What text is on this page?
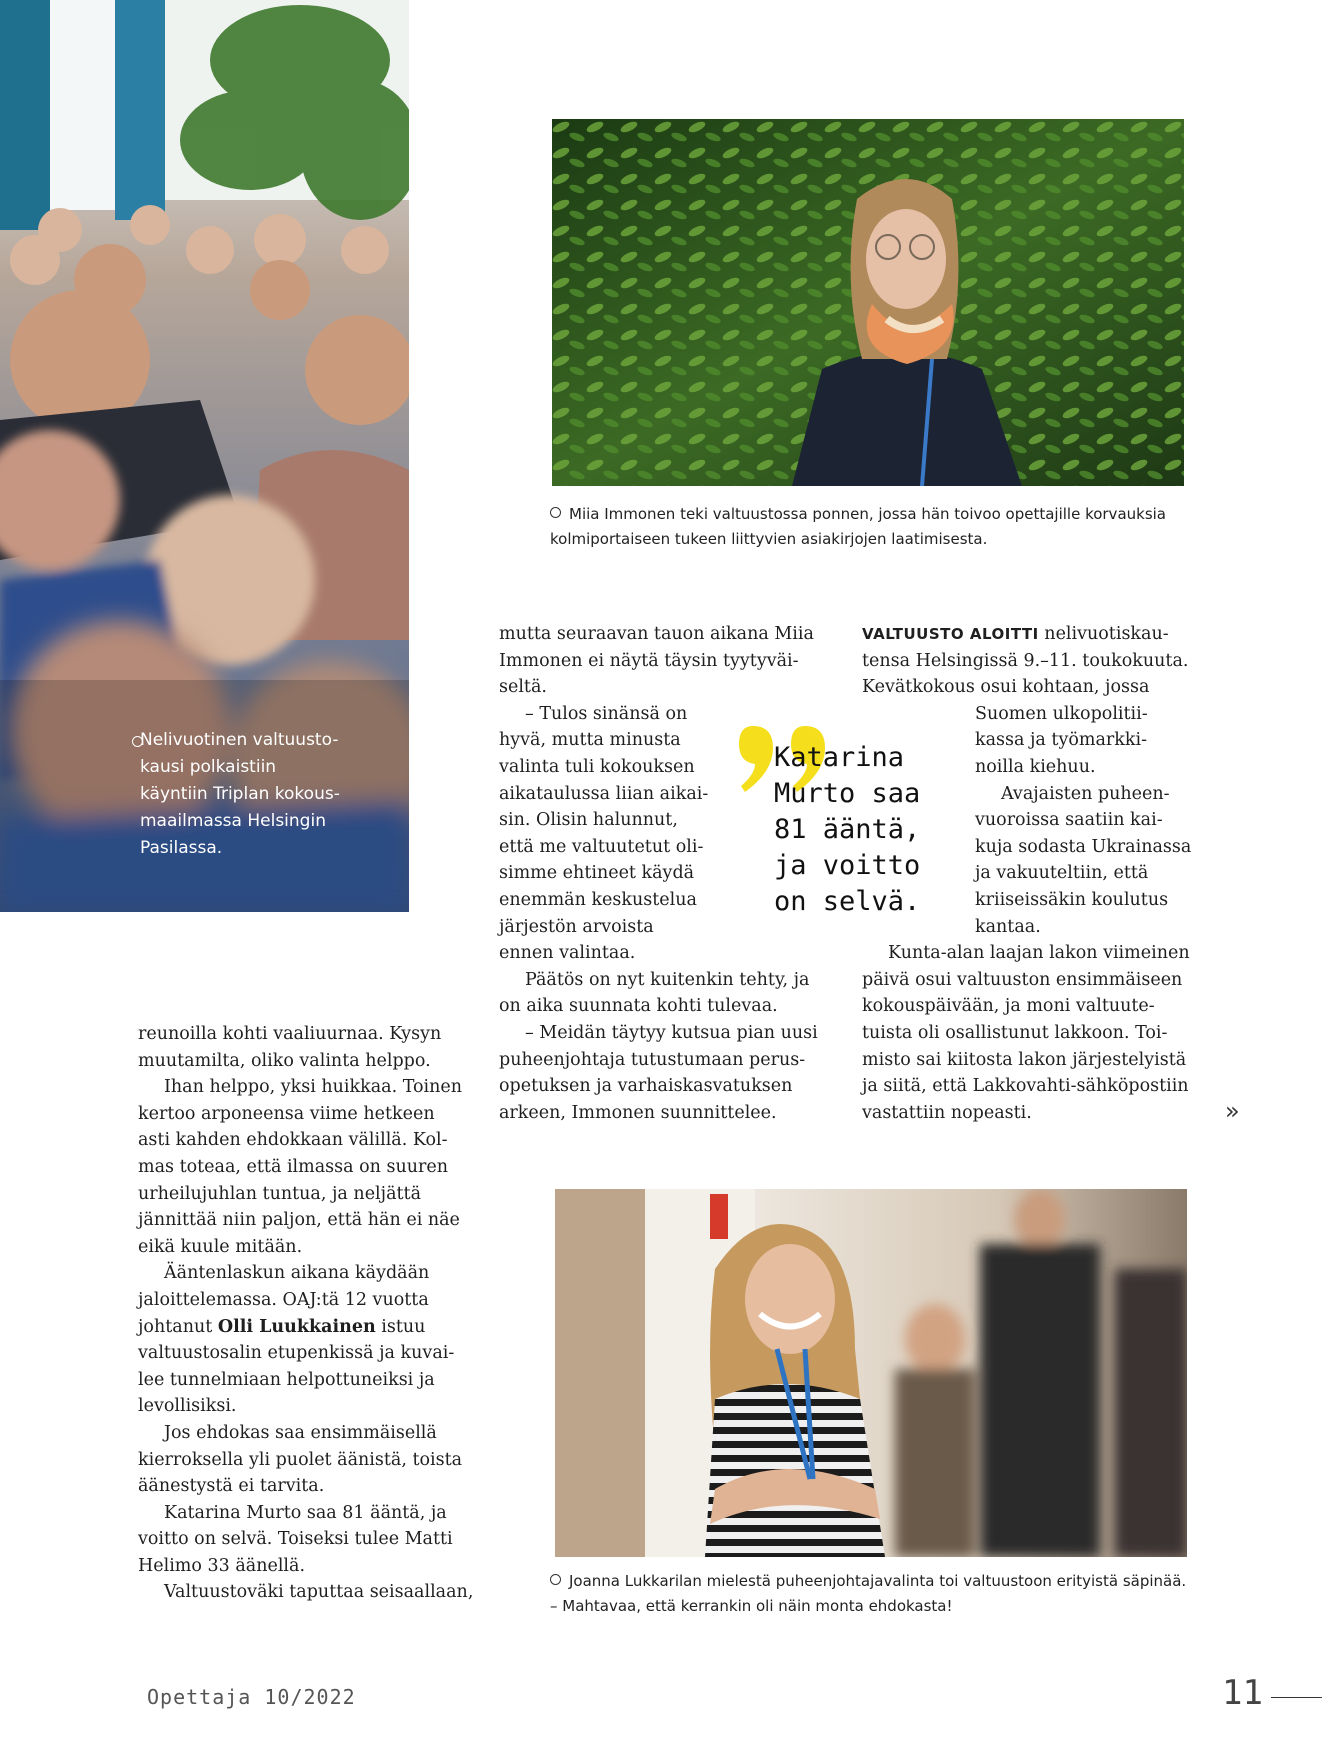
Nelivuotinen valtuusto-
kausi polkaistiin
käyntiin Triplan kokous-
maailmassa Helsingin
Pasilassa.
Miia Immonen teki valtuustossa ponnen, jossa hän toivoo opettajille korvauksia
kolmiportaiseen tukeen liittyvien asiakirjojen laatimisesta.

reunoilla kohti vaaliuurnaa. Kysyn

muutamilta, oliko valinta helppo.

Ihan helppo, yksi huikkaa. Toinen

kertoo arponeensa viime hetkeen

asti kahden ehdokkaan välillä. Kol-

mas toteaa, että ilmassa on suuren

urheilujuhlan tuntua, ja neljättä

jännittää niin paljon, että hän ei näe

eikä kuule mitään.

Ääntenlaskun aikana käydään

jaloittelemassa. OAJ:tä 12 vuotta

johtanut Olli Luukkainen istuu

valtuustosalin etupenkissä ja kuvai-

lee tunnelmiaan helpottuneiksi ja

levollisiksi.

Jos ehdokas saa ensimmäisellä

kierroksella yli puolet äänistä, toista

äänestystä ei tarvita.

Katarina Murto saa 81 ääntä, ja

voitto on selvä. Toiseksi tulee Matti

Helimo 33 äänellä.

Valtuustoväki taputtaa seisaallaan,

mutta seuraavan tauon aikana Miia

Immonen ei näytä täysin tyytyväi-

seltä.

– Tulos sinänsä on

hyvä, mutta minusta

valinta tuli kokouksen

aikataulussa liian aikai-

sin. Olisin halunnut,

että me valtuutetut oli-

simme ehtineet käydä

enemmän keskustelua

järjestön arvoista

ennen valintaa.

Päätös on nyt kuitenkin tehty, ja

on aika suunnata kohti tulevaa.

– Meidän täytyy kutsua pian uusi

puheenjohtaja tutustumaan perus-

opetuksen ja varhaiskasvatuksen

arkeen, Immonen suunnittelee.

Katarina

Murto saa

81 ääntä,

ja voitto

on selvä.

VALTUUSTO ALOITTI nelivuotiskau-

tensa Helsingissä 9.–11. toukokuuta.

Kevätkokous osui kohtaan, jossa

Suomen ulkopolitii-

kassa ja työmarkki-

noilla kiehuu.

Avajaisten puheen-

vuoroissa saatiin kai-

kuja sodasta Ukrainassa

ja vakuuteltiin, että

kriiseissäkin koulutus

kantaa.

Kunta-alan laajan lakon viimeinen

päivä osui valtuuston ensimmäiseen

kokouspäivään, ja moni valtuute-

tuista oli osallistunut lakkoon. Toi-

misto sai kiitosta lakon järjestelyistä

ja siitä, että Lakkovahti-sähköpostiin

vastattiin nopeasti.	»
Joanna Lukkarilan mielestä puheenjohtajavalinta toi valtuustoon erityistä säpinää.
– Mahtavaa, että kerrankin oli näin monta ehdokasta!
Opettaja 10/2022	11
